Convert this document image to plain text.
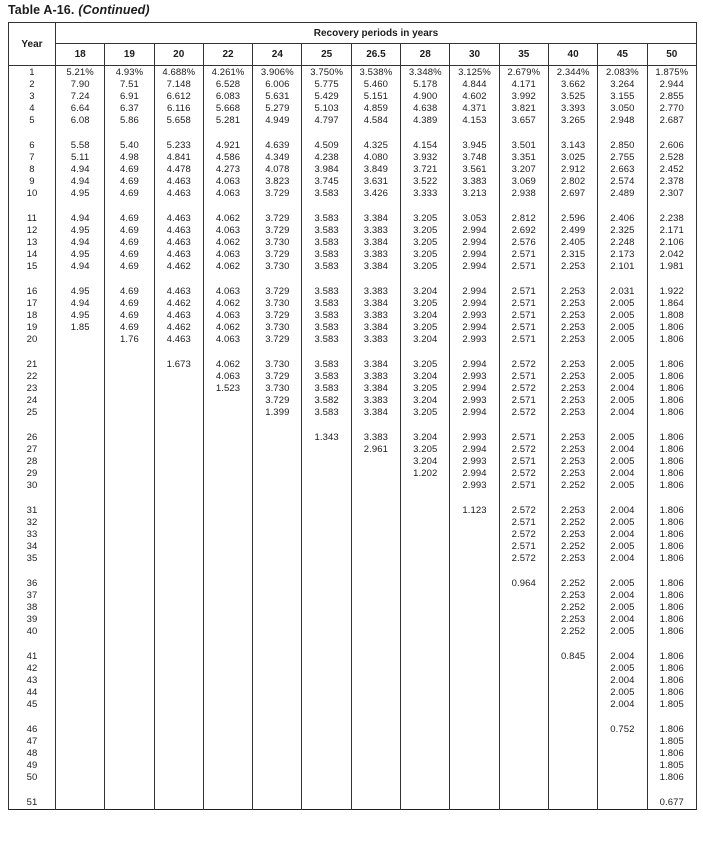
Table A-16. (Continued)
Year	Recovery periods in years												
	18	19	20	22	24	25	26.5	28	30	35	40	45	50
1	5.21%	4.93%	4.688%	4.261%	3.906%	3.750%	3.538%	3.348%	3.125%	2.679%	2.344%	2.083%	1.875%
2	7.90	7.51	7.148	6.528	6.006	5.775	5.460	5.178	4.844	4.171	3.662	3.264	2.944
3	7.24	6.91	6.612	6.083	5.631	5.429	5.151	4.900	4.602	3.992	3.525	3.155	2.855
4	6.64	6.37	6.116	5.668	5.279	5.103	4.859	4.638	4.371	3.821	3.393	3.050	2.770
5	6.08	5.86	5.658	5.281	4.949	4.797	4.584	4.389	4.153	3.657	3.265	2.948	2.687

6	5.58	5.40	5.233	4.921	4.639	4.509	4.325	4.154	3.945	3.501	3.143	2.850	2.606
7	5.11	4.98	4.841	4.586	4.349	4.238	4.080	3.932	3.748	3.351	3.025	2.755	2.528
8	4.94	4.69	4.478	4.273	4.078	3.984	3.849	3.721	3.561	3.207	2.912	2.663	2.452
9	4.94	4.69	4.463	4.063	3.823	3.745	3.631	3.522	3.383	3.069	2.802	2.574	2.378
10	4.95	4.69	4.463	4.063	3.729	3.583	3.426	3.333	3.213	2.938	2.697	2.489	2.307

11	4.94	4.69	4.463	4.062	3.729	3.583	3.384	3.205	3.053	2.812	2.596	2.406	2.238
12	4.95	4.69	4.463	4.063	3.729	3.583	3.383	3.205	2.994	2.692	2.499	2.325	2.171
13	4.94	4.69	4.463	4.062	3.730	3.583	3.384	3.205	2.994	2.576	2.405	2.248	2.106
14	4.95	4.69	4.463	4.063	3.729	3.583	3.383	3.205	2.994	2.571	2.315	2.173	2.042
15	4.94	4.69	4.462	4.062	3.730	3.583	3.384	3.205	2.994	2.571	2.253	2.101	1.981

16	4.95	4.69	4.463	4.063	3.729	3.583	3.383	3.204	2.994	2.571	2.253	2.031	1.922
17	4.94	4.69	4.462	4.062	3.730	3.583	3.384	3.205	2.994	2.571	2.253	2.005	1.864
18	4.95	4.69	4.463	4.063	3.729	3.583	3.383	3.204	2.993	2.571	2.253	2.005	1.808
19	1.85	4.69	4.462	4.062	3.730	3.583	3.384	3.205	2.994	2.571	2.253	2.005	1.806
20		1.76	4.463	4.063	3.729	3.583	3.383	3.204	2.993	2.571	2.253	2.005	1.806

21			1.673	4.062	3.730	3.583	3.384	3.205	2.994	2.572	2.253	2.005	1.806
22				4.063	3.729	3.583	3.383	3.204	2.993	2.571	2.253	2.005	1.806
23				1.523	3.730	3.583	3.384	3.205	2.994	2.572	2.253	2.004	1.806
24					3.729	3.582	3.383	3.204	2.993	2.571	2.253	2.005	1.806
25					1.399	3.583	3.384	3.205	2.994	2.572	2.253	2.004	1.806

26						1.343	3.383	3.204	2.993	2.571	2.253	2.005	1.806
27							2.961	3.205	2.994	2.572	2.253	2.004	1.806
28								3.204	2.993	2.571	2.253	2.005	1.806
29								1.202	2.994	2.572	2.253	2.004	1.806
30									2.993	2.571	2.252	2.005	1.806

31									1.123	2.572	2.253	2.004	1.806
32										2.571	2.252	2.005	1.806
33										2.572	2.253	2.004	1.806
34										2.571	2.252	2.005	1.806
35										2.572	2.253	2.004	1.806

36										0.964	2.252	2.005	1.806
37											2.253	2.004	1.806
38											2.252	2.005	1.806
39											2.253	2.004	1.806
40											2.252	2.005	1.806

41											0.845	2.004	1.806
42												2.005	1.806
43												2.004	1.806
44												2.005	1.806
45												2.004	1.805

46												0.752	1.806
47													1.805
48													1.806
49													1.805
50													1.806

51													0.677
